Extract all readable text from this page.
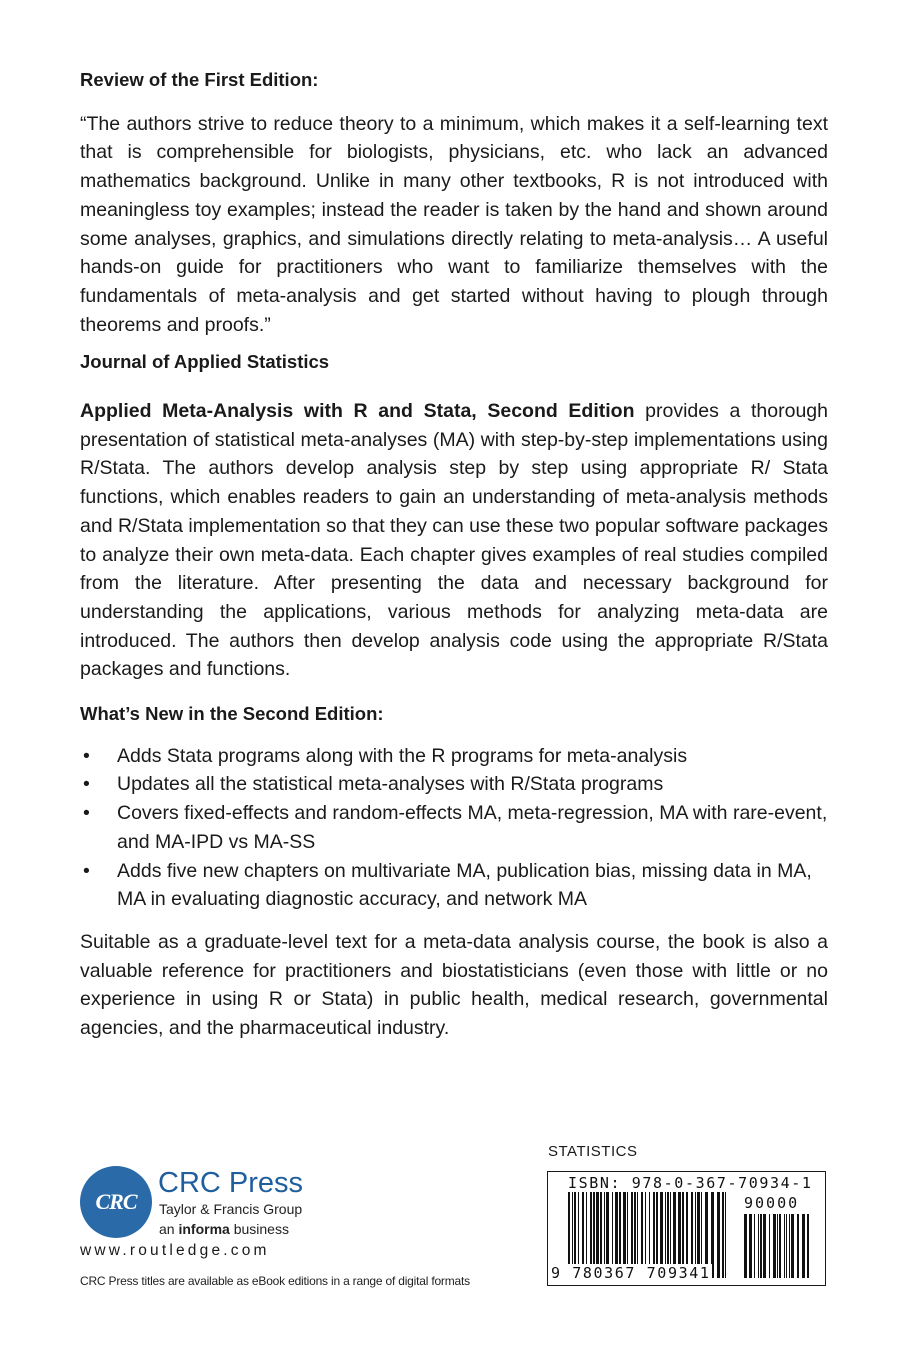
Review of the First Edition:

“The authors strive to reduce theory to a minimum, which makes it a self-learning text that is comprehensible for biologists, physicians, etc. who lack an advanced mathematics background. Unlike in many other textbooks, R is not introduced with meaningless toy examples; instead the reader is taken by the hand and shown around some analyses, graphics, and simulations directly relating to meta-analysis… A useful hands-on guide for practitioners who want to familiarize themselves with the fundamentals of meta-analysis and get started without having to plough through theorems and proofs.”

Journal of Applied Statistics

Applied Meta-Analysis with R and Stata, Second Edition provides a thorough presentation of statistical meta-analyses (MA) with step-by-step implementations using R/Stata. The authors develop analysis step by step using appropriate R/ Stata functions, which enables readers to gain an understanding of meta-analysis methods and R/Stata implementation so that they can use these two popular software packages to analyze their own meta-data. Each chapter gives examples of real studies compiled from the literature. After presenting the data and necessary background for understanding the applications, various methods for analyzing meta-data are introduced. The authors then develop analysis code using the appropriate R/Stata packages and functions.

What’s New in the Second Edition:

• Adds Stata programs along with the R programs for meta-analysis
• Updates all the statistical meta-analyses with R/Stata programs
• Covers fixed-effects and random-effects MA, meta-regression, MA with rare-event, and MA-IPD vs MA-SS
• Adds five new chapters on multivariate MA, publication bias, missing data in MA, MA in evaluating diagnostic accuracy, and network MA

Suitable as a graduate-level text for a meta-data analysis course, the book is also a valuable reference for practitioners and biostatisticians (even those with little or no experience in using R or Stata) in public health, medical research, governmental agencies, and the pharmaceutical industry.

CRC
CRC Press
Taylor & Francis Group
an informa business
www.routledge.com
CRC Press titles are available as eBook editions in a range of digital formats
STATISTICS
ISBN: 978-0-367-70934-1
90000
9 780367 709341
